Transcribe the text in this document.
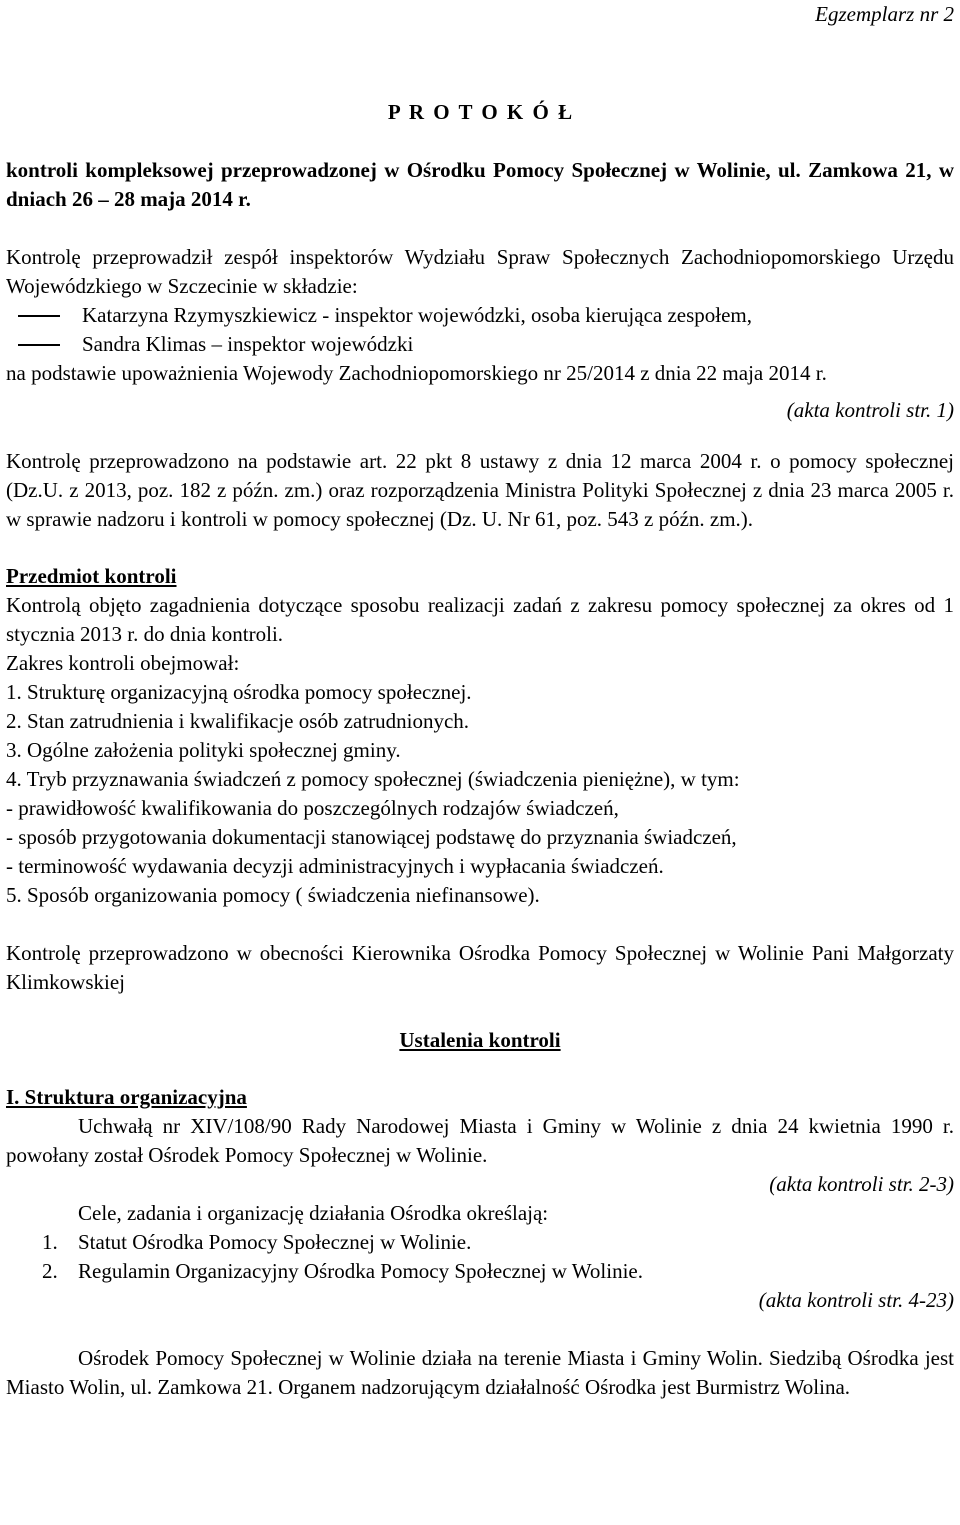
Egzemplarz nr 2

P R O T O K Ó Ł

kontroli kompleksowej przeprowadzonej w Ośrodku Pomocy Społecznej w Wolinie, ul. Zamkowa 21, w dniach 26 – 28 maja 2014 r.

Kontrolę przeprowadził zespół inspektorów Wydziału Spraw Społecznych Zachodniopomorskiego Urzędu Wojewódzkiego w Szczecinie w składzie:

Katarzyna Rzymyszkiewicz - inspektor wojewódzki, osoba kierująca zespołem,
Sandra Klimas – inspektor wojewódzki

na podstawie upoważnienia Wojewody Zachodniopomorskiego nr 25/2014 z dnia 22 maja 2014 r.

(akta kontroli str. 1)

Kontrolę przeprowadzono na podstawie art. 22 pkt 8 ustawy z dnia 12 marca 2004 r. o pomocy społecznej (Dz.U. z 2013, poz. 182 z późn. zm.) oraz rozporządzenia Ministra Polityki Społecznej z dnia 23 marca 2005 r. w sprawie nadzoru i kontroli w pomocy społecznej (Dz. U. Nr 61, poz. 543 z późn. zm.).

Przedmiot kontroli

Kontrolą objęto zagadnienia dotyczące sposobu realizacji zadań z zakresu pomocy społecznej za okres od 1 stycznia 2013 r. do dnia kontroli.

Zakres kontroli obejmował:

1. Strukturę organizacyjną ośrodka pomocy społecznej.

2. Stan zatrudnienia i kwalifikacje osób zatrudnionych.

3. Ogólne założenia polityki społecznej gminy.

4. Tryb przyznawania świadczeń z pomocy społecznej (świadczenia pieniężne), w tym:

- prawidłowość kwalifikowania do poszczególnych rodzajów świadczeń,

- sposób przygotowania dokumentacji stanowiącej podstawę do przyznania świadczeń,

- terminowość wydawania decyzji administracyjnych i wypłacania świadczeń.

5. Sposób organizowania pomocy ( świadczenia niefinansowe).

Kontrolę przeprowadzono w obecności Kierownika Ośrodka Pomocy Społecznej w Wolinie Pani Małgorzaty Klimkowskiej

Ustalenia kontroli

I. Struktura organizacyjna

Uchwałą nr XIV/108/90 Rady Narodowej Miasta i Gminy w Wolinie z dnia 24 kwietnia 1990 r. powołany został Ośrodek Pomocy Społecznej w Wolinie.

(akta kontroli str. 2-3)

Cele, zadania i organizację działania Ośrodka określają:

1. Statut Ośrodka Pomocy Społecznej w Wolinie.
2. Regulamin Organizacyjny Ośrodka Pomocy Społecznej w Wolinie.

(akta kontroli str. 4-23)

Ośrodek Pomocy Społecznej w Wolinie działa na terenie Miasta i Gminy Wolin. Siedzibą Ośrodka jest Miasto Wolin, ul. Zamkowa 21. Organem nadzorującym działalność Ośrodka jest Burmistrz Wolina.
